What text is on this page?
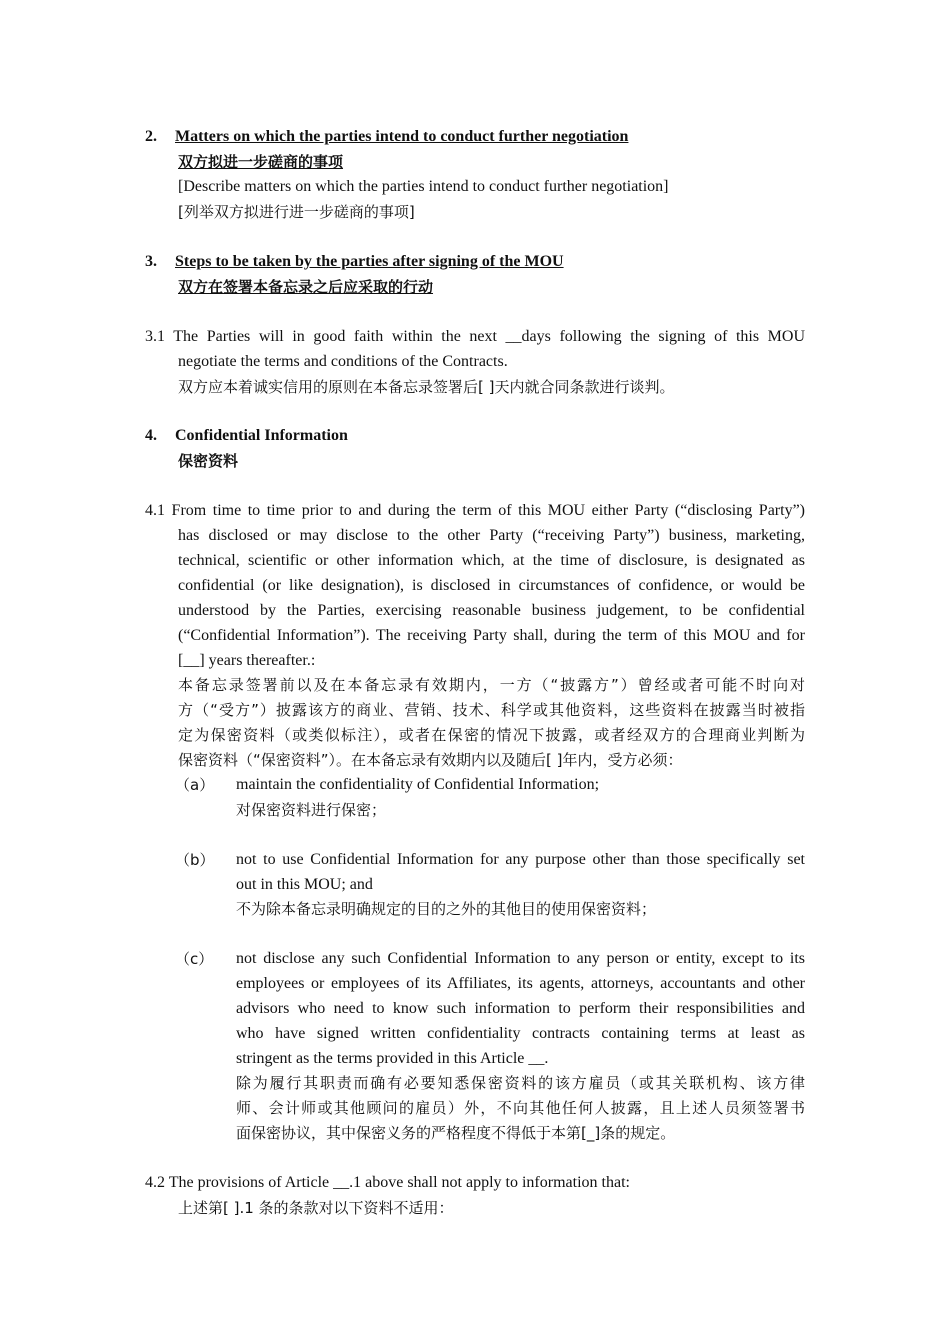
2. Matters on which the parties intend to conduct further negotiation
双方拟进一步磋商的事项
[Describe matters on which the parties intend to conduct further negotiation]
[列举双方拟进行进一步磋商的事项]
3. Steps to be taken by the parties after signing of the MOU
双方在签署本备忘录之后应采取的行动
3.1 The Parties will in good faith within the next __days following the signing of this MOU
negotiate the terms and conditions of the Contracts.
双方应本着诚实信用的原则在本备忘录签署后[ ]天内就合同条款进行谈判。
4. Confidential Information
保密资料
4.1 From time to time prior to and during the term of this MOU either Party (“disclosing Party”)
has disclosed or may disclose to the other Party (“receiving Party”) business, marketing,
technical, scientific or other information which, at the time of disclosure, is designated as
confidential (or like designation), is disclosed in circumstances of confidence, or would be
understood by the Parties, exercising reasonable business judgement, to be confidential
(“Confidential Information”). The receiving Party shall, during the term of this MOU and for
[__] years thereafter.:
本备忘录签署前以及在本备忘录有效期内，一方（“披露方”）曾经或者可能不时向对
方（“受方”）披露该方的商业、营销、技术、科学或其他资料，这些资料在披露当时被指
定为保密资料（或类似标注），或者在保密的情况下披露，或者经双方的合理商业判断为
保密资料（“保密资料”）。在本备忘录有效期内以及随后[ ]年内，受方必须：
（a） maintain the confidentiality of Confidential Information;
对保密资料进行保密；
（b） not to use Confidential Information for any purpose other than those specifically set
out in this MOU; and
不为除本备忘录明确规定的目的之外的其他目的使用保密资料；
（c） not disclose any such Confidential Information to any person or entity, except to its
employees or employees of its Affiliates, its agents, attorneys, accountants and other
advisors who need to know such information to perform their responsibilities and
who have signed written confidentiality contracts containing terms at least as
stringent as the terms provided in this Article __.
除为履行其职责而确有必要知悉保密资料的该方雇员（或其关联机构、该方律
师、会计师或其他顾问的雇员）外，不向其他任何人披露，且上述人员须签署书
面保密协议，其中保密义务的严格程度不得低于本第[_]条的规定。
4.2 The provisions of Article __.1 above shall not apply to information that:
上述第[ ].1 条的条款对以下资料不适用：
